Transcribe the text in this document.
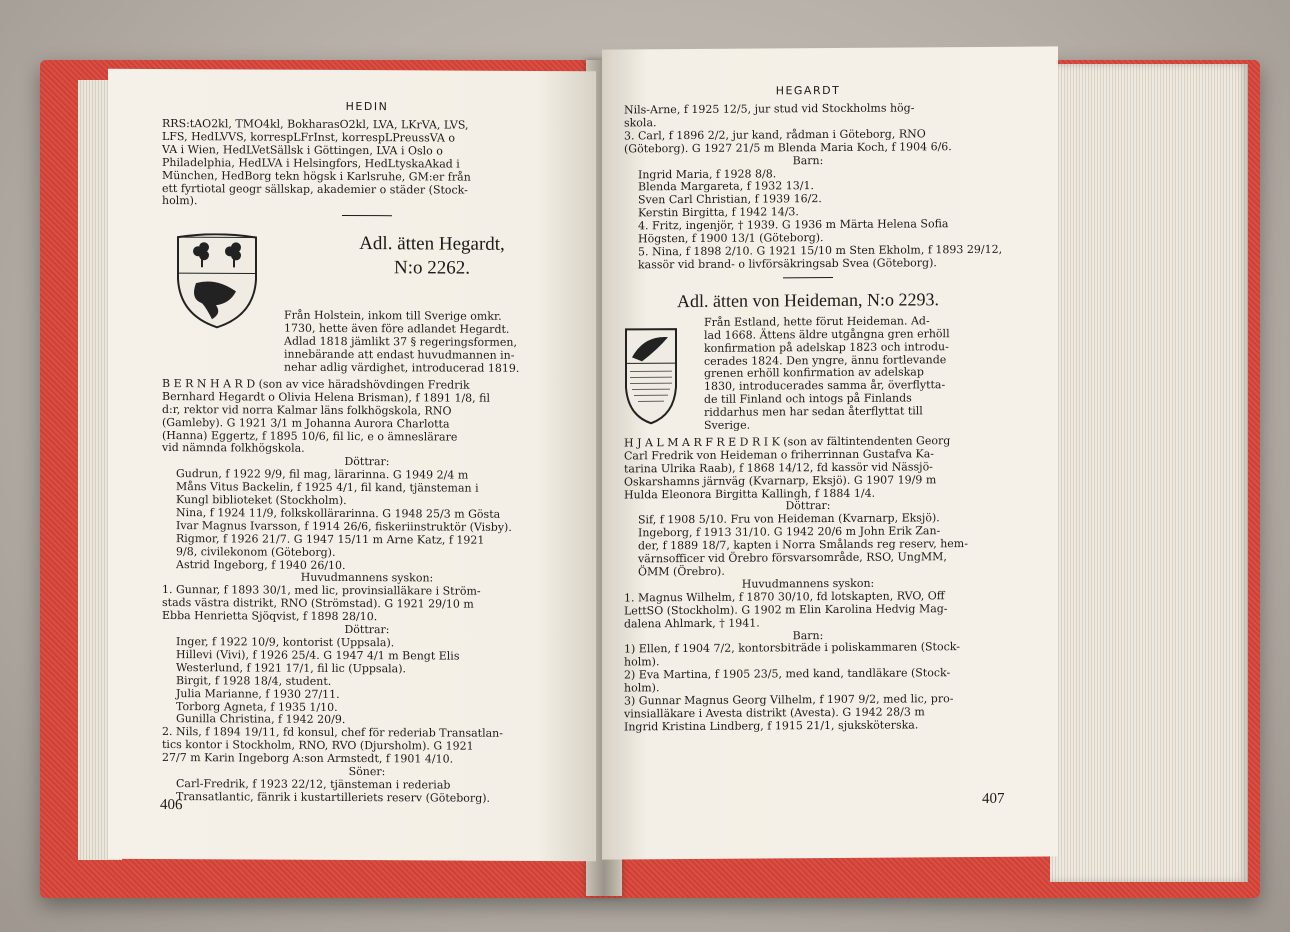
HEDIN
RRS:tAO2kl, TMO4kl, BokharasO2kl, LVA, LKrVA, LVS,
LFS, HedLVVS, korrespLFrInst, korrespLPreussVA o
VA i Wien, HedLVetSällsk i Göttingen, LVA i Oslo o
Philadelphia, HedLVA i Helsingfors, HedLtyskaAkad i
München, HedBorg tekn högsk i Karlsruhe, GM:er från
ett fyrtiotal geogr sällskap, akademier o städer (Stock-
holm).
Adl. ätten Hegardt,
N:o 2262.
Från Holstein, inkom till Sverige omkr.
1730, hette även före adlandet Hegardt.
Adlad 1818 jämlikt 37 § regeringsformen,
innebärande att endast huvudmannen in-
nehar adlig värdighet, introducerad 1819.
B E R N H A R D (son av vice häradshövdingen Fredrik
Bernhard Hegardt o Olivia Helena Brisman), f 1891 1/8, fil
d:r, rektor vid norra Kalmar läns folkhögskola, RNO
(Gamleby). G 1921 3/1 m Johanna Aurora Charlotta
(Hanna) Eggertz, f 1895 10/6, fil lic, e o ämneslärare
vid nämnda folkhögskola.
Döttrar:
Gudrun, f 1922 9/9, fil mag, lärarinna. G 1949 2/4 m
Måns Vitus Backelin, f 1925 4/1, fil kand, tjänsteman i
Kungl biblioteket (Stockholm).
Nina, f 1924 11/9, folkskollärarinna. G 1948 25/3 m Gösta
Ivar Magnus Ivarsson, f 1914 26/6, fiskeriinstruktör (Visby).
Rigmor, f 1926 21/7. G 1947 15/11 m Arne Katz, f 1921
9/8, civilekonom (Göteborg).
Astrid Ingeborg, f 1940 26/10.
Huvudmannens syskon:
1. Gunnar, f 1893 30/1, med lic, provinsialläkare i Ström-
stads västra distrikt, RNO (Strömstad). G 1921 29/10 m
Ebba Henrietta Sjöqvist, f 1898 28/10.
Döttrar:
Inger, f 1922 10/9, kontorist (Uppsala).
Hillevi (Vivi), f 1926 25/4. G 1947 4/1 m Bengt Elis
Westerlund, f 1921 17/1, fil lic (Uppsala).
Birgit, f 1928 18/4, student.
Julia Marianne, f 1930 27/11.
Torborg Agneta, f 1935 1/10.
Gunilla Christina, f 1942 20/9.
2. Nils, f 1894 19/11, fd konsul, chef för rederiab Transatlan-
tics kontor i Stockholm, RNO, RVO (Djursholm). G 1921
27/7 m Karin Ingeborg A:son Armstedt, f 1901 4/10.
Söner:
Carl-Fredrik, f 1923 22/12, tjänsteman i rederiab
Transatlantic, fänrik i kustartilleriets reserv (Göteborg).
406
HEGARDT
Nils-Arne, f 1925 12/5, jur stud vid Stockholms hög-
skola.
3. Carl, f 1896 2/2, jur kand, rådman i Göteborg, RNO
(Göteborg). G 1927 21/5 m Blenda Maria Koch, f 1904 6/6.
Barn:
Ingrid Maria, f 1928 8/8.
Blenda Margareta, f 1932 13/1.
Sven Carl Christian, f 1939 16/2.
Kerstin Birgitta, f 1942 14/3.
4. Fritz, ingenjör, † 1939. G 1936 m Märta Helena Sofia
Högsten, f 1900 13/1 (Göteborg).
5. Nina, f 1898 2/10. G 1921 15/10 m Sten Ekholm, f 1893 29/12,
kassör vid brand- o livförsäkringsab Svea (Göteborg).
Adl. ätten von Heideman, N:o 2293.
Från Estland, hette förut Heideman. Ad-
lad 1668. Ättens äldre utgångna gren erhöll
konfirmation på adelskap 1823 och introdu-
cerades 1824. Den yngre, ännu fortlevande
grenen erhöll konfirmation av adelskap
1830, introducerades samma år, överflytta-
de till Finland och intogs på Finlands
riddarhus men har sedan återflyttat till
Sverige.
H J A L M A R F R E D R I K (son av fältintendenten Georg
Carl Fredrik von Heideman o friherrinnan Gustafva Ka-
tarina Ulrika Raab), f 1868 14/12, fd kassör vid Nässjö-
Oskarshamns järnväg (Kvarnarp, Eksjö). G 1907 19/9 m
Hulda Eleonora Birgitta Kallingh, f 1884 1/4.
Döttrar:
Sif, f 1908 5/10. Fru von Heideman (Kvarnarp, Eksjö).
Ingeborg, f 1913 31/10. G 1942 20/6 m John Erik Zan-
der, f 1889 18/7, kapten i Norra Smålands reg reserv, hem-
värnsofficer vid Örebro försvarsområde, RSO, UngMM,
ÖMM (Örebro).
Huvudmannens syskon:
1. Magnus Wilhelm, f 1870 30/10, fd lotskapten, RVO, Off
LettSO (Stockholm). G 1902 m Elin Karolina Hedvig Mag-
dalena Ahlmark, † 1941.
Barn:
1) Ellen, f 1904 7/2, kontorsbiträde i poliskammaren (Stock-
holm).
2) Eva Martina, f 1905 23/5, med kand, tandläkare (Stock-
holm).
3) Gunnar Magnus Georg Vilhelm, f 1907 9/2, med lic, pro-
vinsialläkare i Avesta distrikt (Avesta). G 1942 28/3 m
Ingrid Kristina Lindberg, f 1915 21/1, sjuksköterska.
407
